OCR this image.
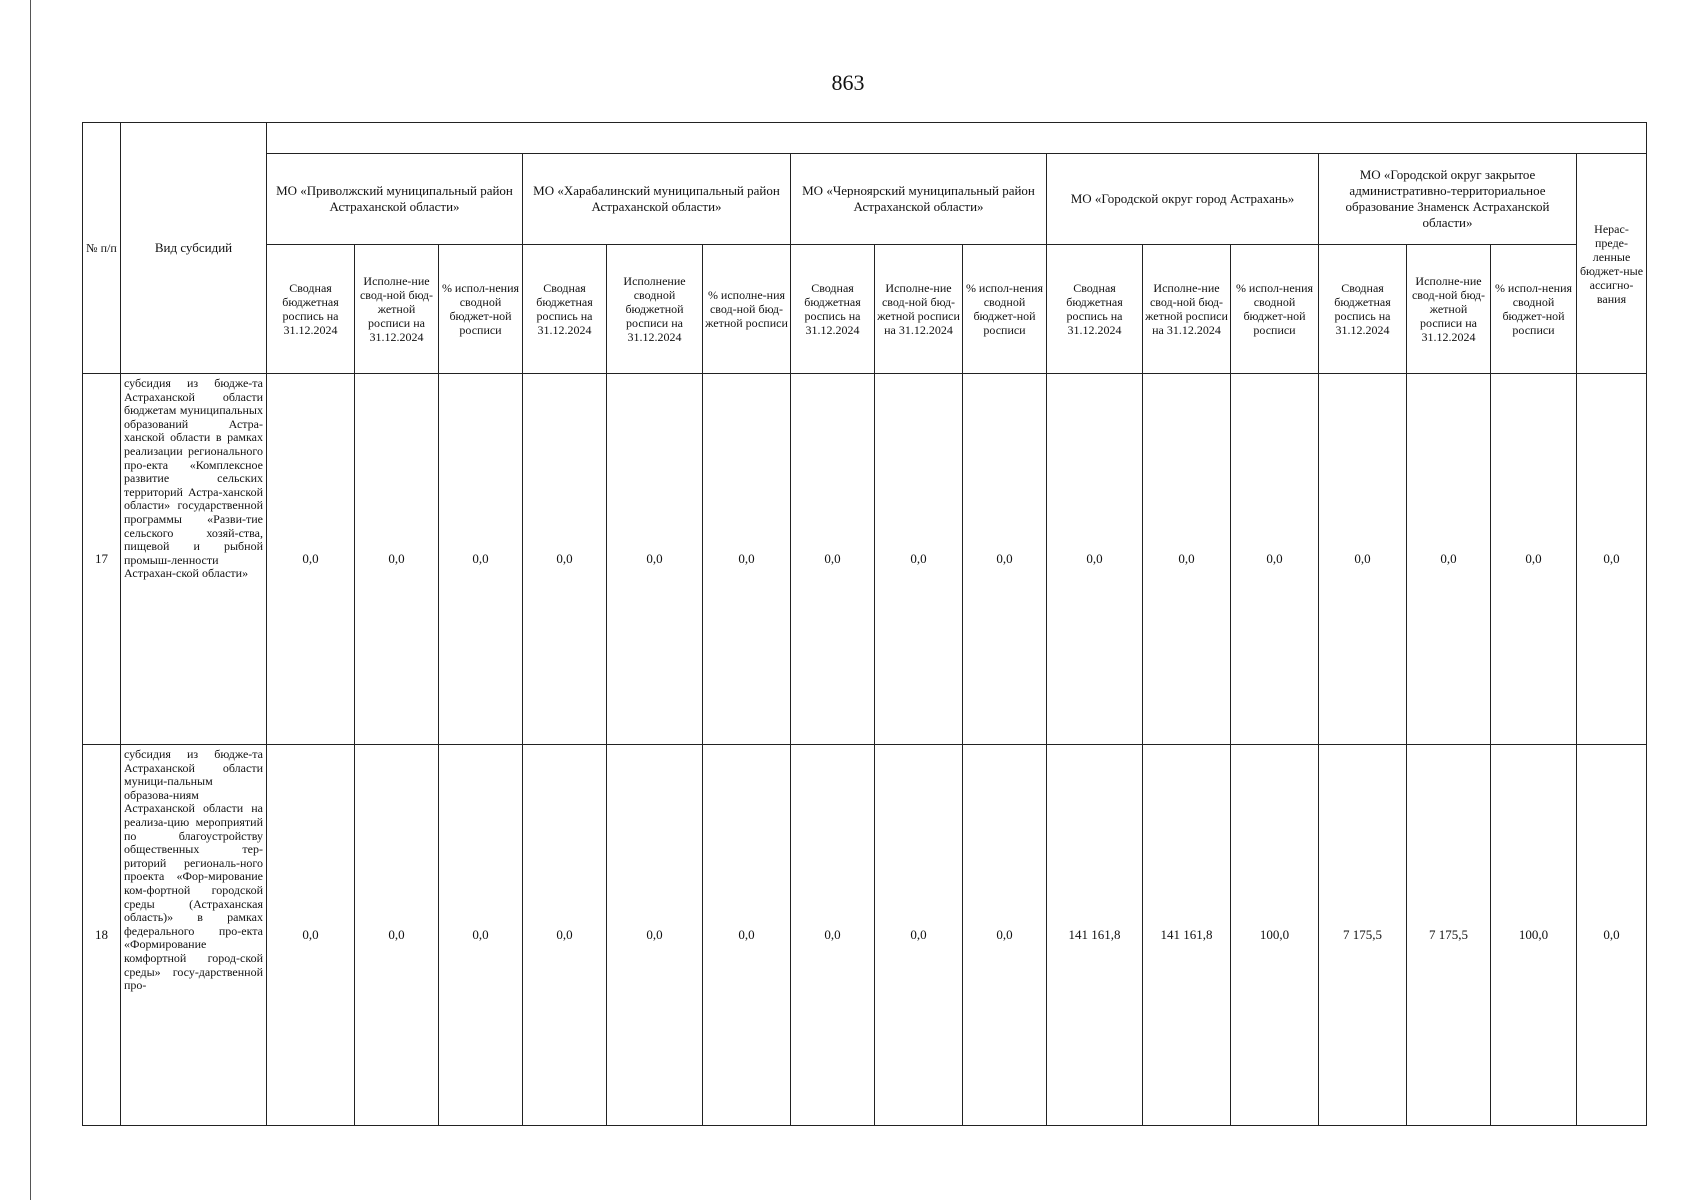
863
№ п/п	Вид субсидий																
		МО «Приволжский муниципальный район Астраханской области»			МО «Харабалинский муниципальный район Астраханской области»			МО «Черноярский муниципальный район Астраханской области»			МО «Городской округ город Астрахань»			МО «Городской округ закрытое административно-территориальное образование Знаменск Астраханской области»			Нерас-преде-ленные бюджет-ные ассигно-вания
		Сводная бюджетная роспись на 31.12.2024	Исполне-ние свод-ной бюд-жетной росписи на 31.12.2024	% испол-нения сводной бюджет-ной росписи	Сводная бюджетная роспись на 31.12.2024	Исполнение сводной бюджетной росписи на 31.12.2024	% исполне-ния свод-ной бюд-жетной росписи	Сводная бюджетная роспись на 31.12.2024	Исполне-ние свод-ной бюд-жетной росписи на 31.12.2024	% испол-нения сводной бюджет-ной росписи	Сводная бюджетная роспись на 31.12.2024	Исполне-ние свод-ной бюд-жетной росписи на 31.12.2024	% испол-нения сводной бюджет-ной росписи	Сводная бюджетная роспись на 31.12.2024	Исполне-ние свод-ной бюд-жетной росписи на 31.12.2024	% испол-нения сводной бюджет-ной росписи	
17	субсидия из бюдже-та Астраханской области бюджетам муниципальных образований Астра-ханской области в рамках реализации регионального про-екта «Комплексное развитие сельских территорий Астра-ханской области» государственной программы «Разви-тие сельского хозяй-ства, пищевой и рыбной промыш-ленности Астрахан-ской области»	0,0	0,0	0,0	0,0	0,0	0,0	0,0	0,0	0,0	0,0	0,0	0,0	0,0	0,0	0,0	0,0
18	субсидия из бюдже-та Астраханской области муници-пальным образова-ниям Астраханской области на реализа-цию мероприятий по благоустройству общественных тер-риторий региональ-ного проекта «Фор-мирование ком-фортной городской среды (Астраханская область)» в рамках федерального про-екта «Формирование комфортной город-ской среды» госу-дарственной про-	0,0	0,0	0,0	0,0	0,0	0,0	0,0	0,0	0,0	141 161,8	141 161,8	100,0	7 175,5	7 175,5	100,0	0,0
